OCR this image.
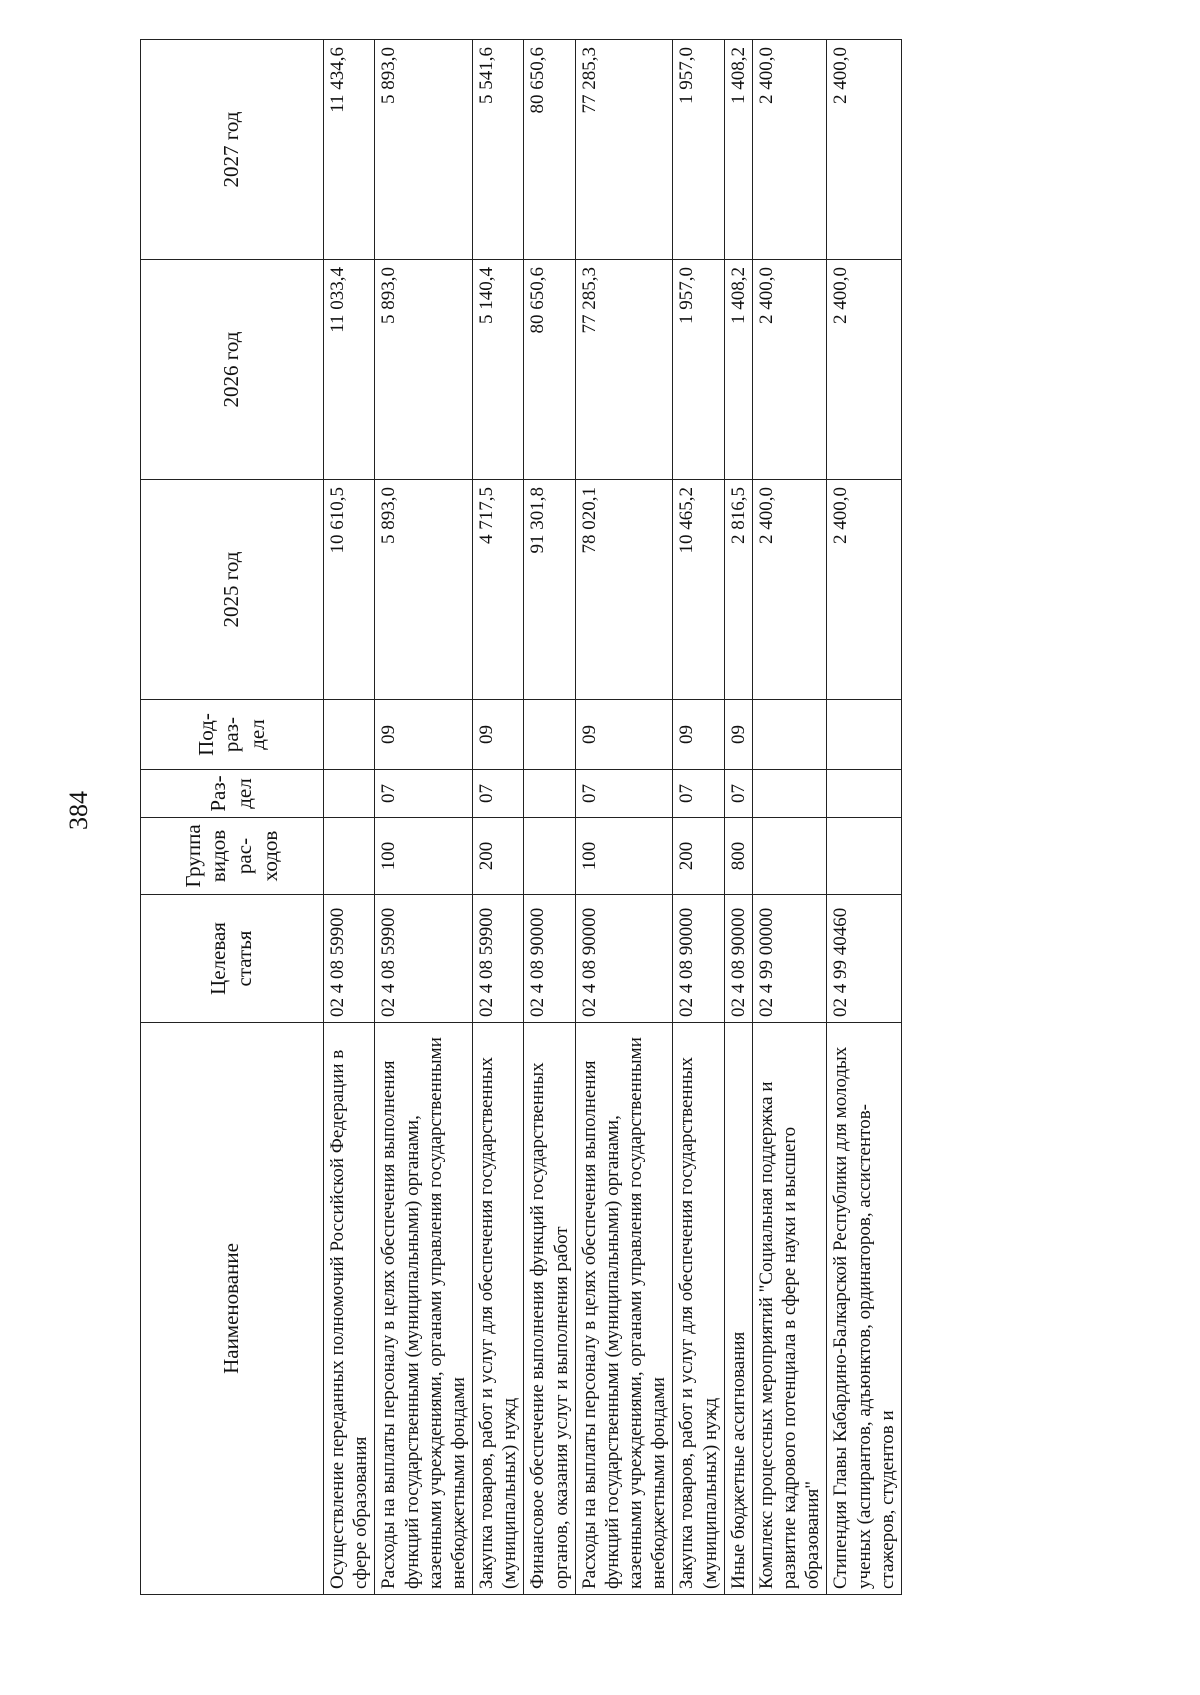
384
Наименование	Целевая статья	Группа видов рас-ходов	Раз-дел	Под-раз-дел	2025 год	2026 год	2027 год
Осуществление переданных полномочий Российской Федерации в сфере образования	02 4 08 59900				10 610,5	11 033,4	11 434,6
Расходы на выплаты персоналу в целях обеспечения выполнения функций государственными (муниципальными) органами, казенными учреждениями, органами управления государственными внебюджетными фондами	02 4 08 59900	100	07	09	5 893,0	5 893,0	5 893,0
Закупка товаров, работ и услуг для обеспечения государственных (муниципальных) нужд	02 4 08 59900	200	07	09	4 717,5	5 140,4	5 541,6
Финансовое обеспечение выполнения функций государственных органов, оказания услуг и выполнения работ	02 4 08 90000				91 301,8	80 650,6	80 650,6
Расходы на выплаты персоналу в целях обеспечения выполнения функций государственными (муниципальными) органами, казенными учреждениями, органами управления государственными внебюджетными фондами	02 4 08 90000	100	07	09	78 020,1	77 285,3	77 285,3
Закупка товаров, работ и услуг для обеспечения государственных (муниципальных) нужд	02 4 08 90000	200	07	09	10 465,2	1 957,0	1 957,0
Иные бюджетные ассигнования	02 4 08 90000	800	07	09	2 816,5	1 408,2	1 408,2
Комплекс процессных мероприятий "Социальная поддержка и развитие кадрового потенциала в сфере науки и высшего образования"	02 4 99 00000				2 400,0	2 400,0	2 400,0
Стипендия Главы Кабардино-Балкарской Республики для молодых ученых (аспирантов, адъюнктов, ординаторов, ассистентов-стажеров, студентов и	02 4 99 40460				2 400,0	2 400,0	2 400,0
